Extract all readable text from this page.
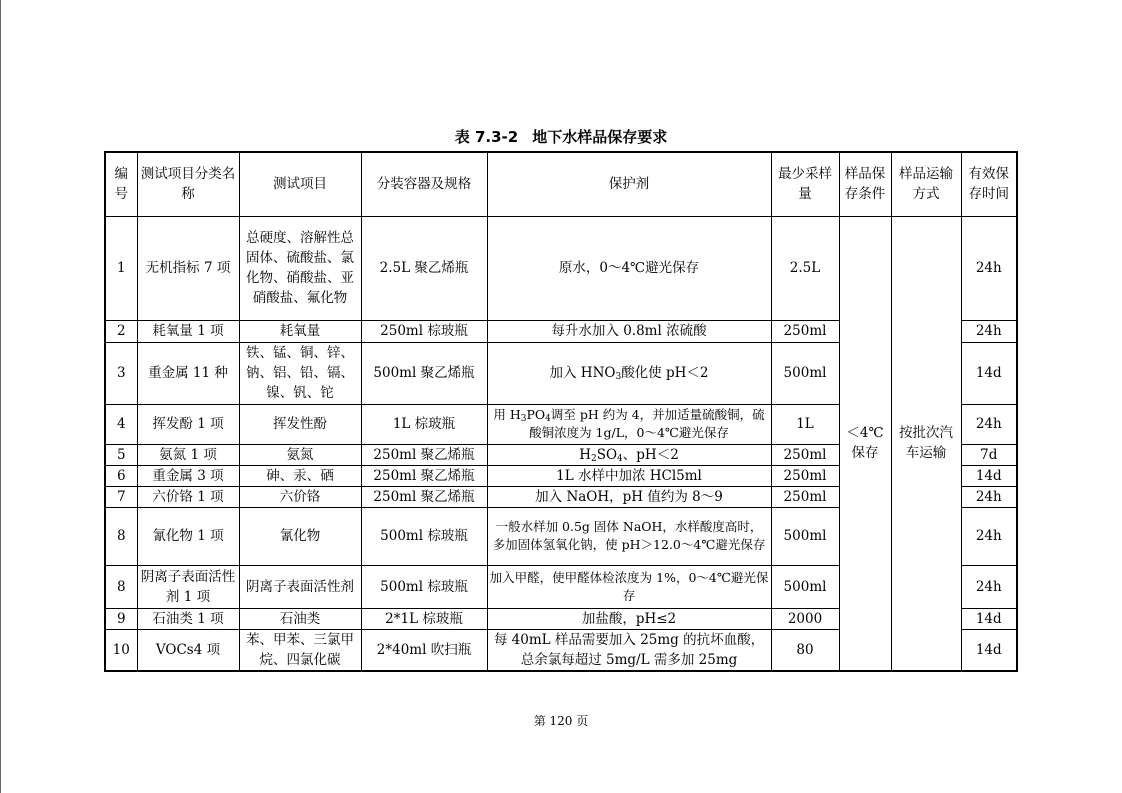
表 7.3-2 地下水样品保存要求
编号	测试项目分类名称	测试项目	分装容器及规格	保护剂	最少采样量	样品保存条件	样品运输方式	有效保存时间
1	无机指标 7 项	总硬度、溶解性总固体、硫酸盐、氯化物、硝酸盐、亚硝酸盐、氟化物	2.5L 聚乙烯瓶	原水，0～4℃避光保存	2.5L	＜4℃保存	按批次汽车运输	24h
2	耗氧量 1 项	耗氧量	250ml 棕玻瓶	每升水加入 0.8ml 浓硫酸	250ml			24h
3	重金属 11 种	铁、锰、铜、锌、钠、铝、铅、镉、镍、钒、铊	500ml 聚乙烯瓶	加入 $HNO_3$酸化使 pH＜2	500ml			14d
4	挥发酚 1 项	挥发性酚	1L 棕玻瓶	用 $H_3PO_4$调至 pH 约为 4，并加适量硫酸铜，硫酸铜浓度为 1g/L，0～4℃避光保存	1L			24h
5	氨氮 1 项	氨氮	250ml 聚乙烯瓶	$H_2SO_4$、pH＜2	250ml			7d
6	重金属 3 项	砷、汞、硒	250ml 聚乙烯瓶	1L 水样中加浓 HCl5ml	250ml			14d
7	六价铬 1 项	六价铬	250ml 聚乙烯瓶	加入 NaOH，pH 值约为 8～9	250ml			24h
8	氰化物 1 项	氰化物	500ml 棕玻瓶	一般水样加 0.5g 固体 NaOH，水样酸度高时，多加固体氢氧化钠，使 pH＞12.0～4℃避光保存	500ml			24h
8	阴离子表面活性剂 1 项	阴离子表面活性剂	500ml 棕玻瓶	加入甲醛，使甲醛体检浓度为 1%，0～4℃避光保存	500ml			24h
9	石油类 1 项	石油类	2*1L 棕玻瓶	加盐酸，pH≤2	2000			14d
10	VOCs4 项	苯、甲苯、三氯甲烷、四氯化碳	2*40ml 吹扫瓶	每 40mL 样品需要加入 25mg 的抗坏血酸，总余氯每超过 5mg/L 需多加 25mg	80			14d
第 120 页
